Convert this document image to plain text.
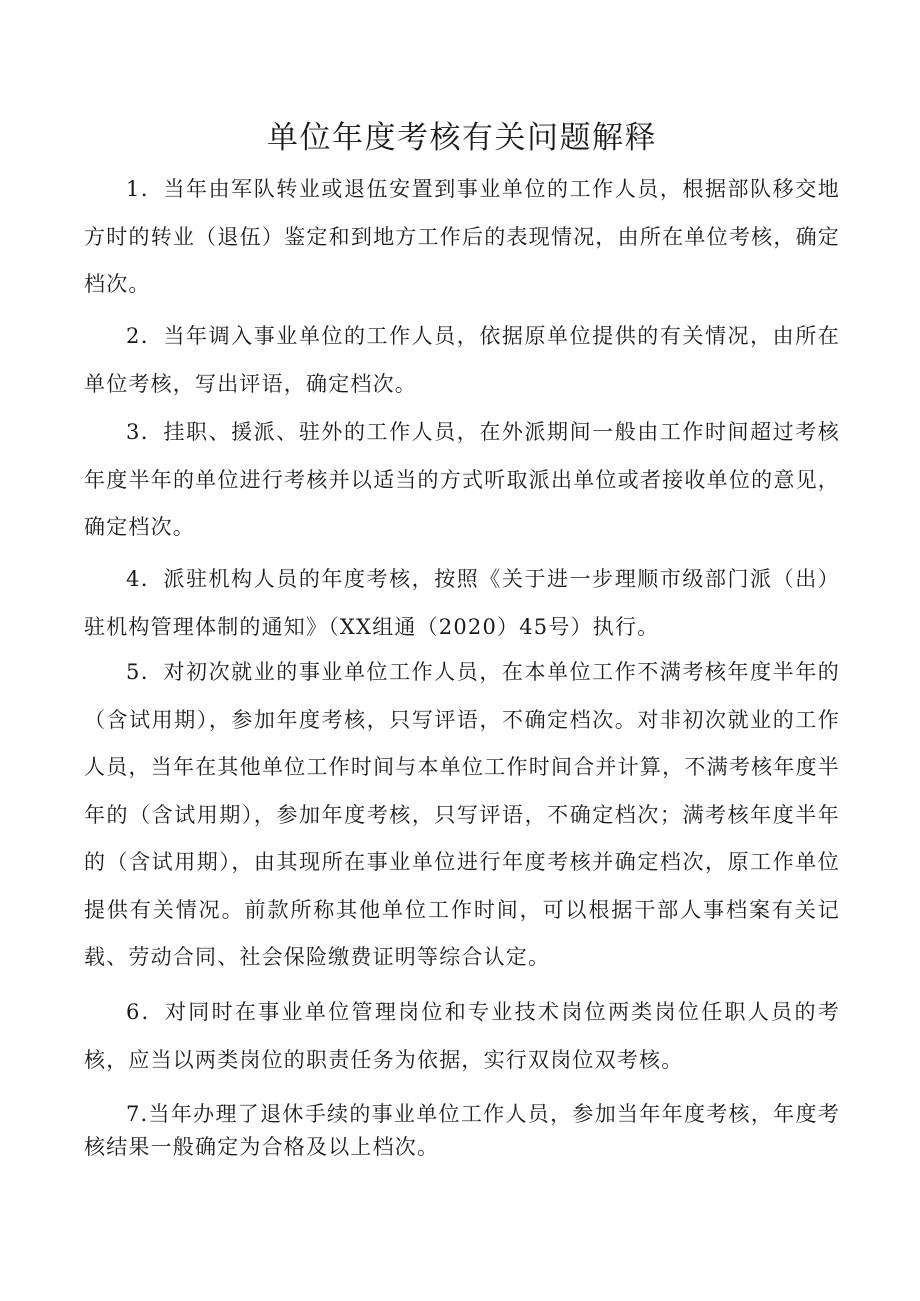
单位年度考核有关问题解释

1．当年由军队转业或退伍安置到事业单位的工作人员，根据部队移交地方时的转业（退伍）鉴定和到地方工作后的表现情况，由所在单位考核，确定档次。

2．当年调入事业单位的工作人员，依据原单位提供的有关情况，由所在单位考核，写出评语，确定档次。

3．挂职、援派、驻外的工作人员，在外派期间一般由工作时间超过考核年度半年的单位进行考核并以适当的方式听取派出单位或者接收单位的意见，确定档次。

4．派驻机构人员的年度考核，按照《关于进一步理顺市级部门派（出）驻机构管理体制的通知》（XX组通（2020）45号）执行。

5．对初次就业的事业单位工作人员，在本单位工作不满考核年度半年的（含试用期），参加年度考核，只写评语，不确定档次。对非初次就业的工作人员，当年在其他单位工作时间与本单位工作时间合并计算，不满考核年度半年的（含试用期），参加年度考核，只写评语，不确定档次；满考核年度半年的（含试用期），由其现所在事业单位进行年度考核并确定档次，原工作单位提供有关情况。前款所称其他单位工作时间，可以根据干部人事档案有关记载、劳动合同、社会保险缴费证明等综合认定。

6．对同时在事业单位管理岗位和专业技术岗位两类岗位任职人员的考核，应当以两类岗位的职责任务为依据，实行双岗位双考核。

7.当年办理了退休手续的事业单位工作人员，参加当年年度考核，年度考核结果一般确定为合格及以上档次。
